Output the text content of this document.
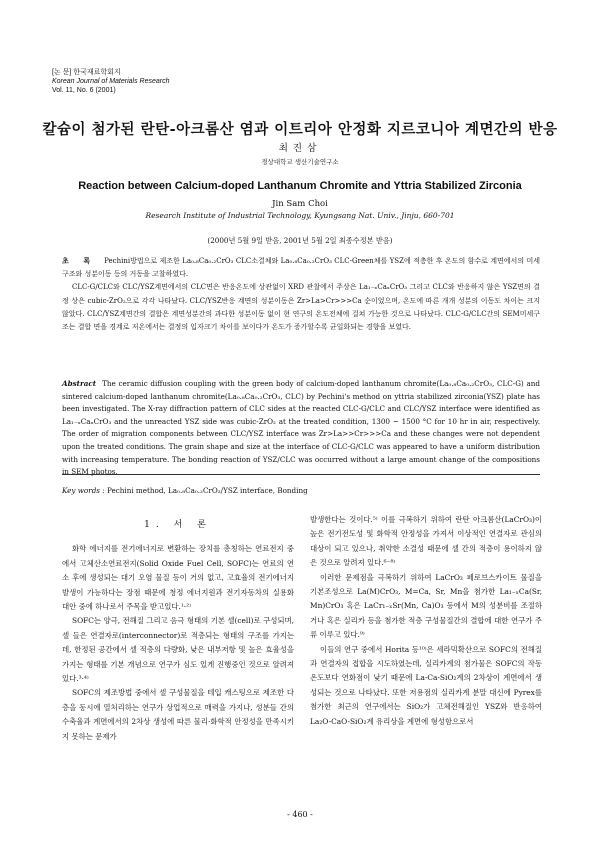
[논 문] 한국재료학회지
Korean Journal of Materials Research
Vol. 11, No. 6 (2001)
칼슘이 첨가된 란탄-아크롬산 염과 이트리아 안정화 지르코니아 계면간의 반응
최진삼
경상대학교 생산기술연구소
Reaction between Calcium-doped Lanthanum Chromite and Yttria Stabilized Zirconia
Jin Sam Choi
Research Institute of Industrial Technology, Kyungsang Nat. Univ., Jinju, 660-701
(2000년 5월 9일 받음, 2001년 5월 2일 최종수정본 받음)

초 록 Pechini방법으로 제조한 La₀.₈Ca₀.₂CrO₃ CLC소결체와 La₀.₈Ca₀.₂CrO₃ CLC-Green체를 YSZ에 적층한 후 온도의 함수로 계면에서의 미세구조와 성분이동 등의 거동을 고찰하였다.

CLC-G/CLC와 CLC/YSZ계면에서의 CLC면은 반응온도에 상관없이 XRD 관찰에서 주상은 La₁₋ₓCaₓCrO₃ 그리고 CLC와 반응하지 않은 YSZ면의 결정 상은 cubic-ZrO₂으로 각각 나타났다. CLC/YSZ반응 계면의 성분이동은 Zr>La>Cr>>>Ca 순이었으며, 온도에 따른 개개 성분의 이동도 차이는 크지 않았다. CLC/YSZ계면간의 결합은 계면성분간의 과다한 성분이동 없이 현 연구의 온도전체에 걸쳐 가능한 것으로 나타났다. CLC-G/CLC간의 SEM미세구조는 결합 면을 경계로 저온에서는 결정의 입자크기 차이를 보이다가 온도가 증가할수록 균일화되는 경향을 보였다.

Abstract The ceramic diffusion coupling with the green body of calcium-doped lanthanum chromite(La₀.₈Ca₀.₂CrO₃, CLC-G) and sintered calcium-doped lanthanum chromite(La₀.₈Ca₀.₂CrO₃, CLC) by Pechini's method on yttria stabilized zirconia(YSZ) plate has been investigated. The X-ray diffraction pattern of CLC sides at the reacted CLC-G/CLC and CLC/YSZ interface were identified as La₁₋ₓCaₓCrO₃ and the unreacted YSZ side was cubic-ZrO₂ at the treated condition, 1300 ~ 1500 °C for 10 hr in air, respectively. The order of migration components between CLC/YSZ interface was Zr>La>>Cr>>>Ca and these changes were not dependent upon the treated conditions. The grain shape and size at the interface of CLC-G/CLC was appeared to have a uniform distribution with increasing temperature. The bonding reaction of YSZ/CLC was occurred without a large amount change of the compositions in SEM photos.
Key words : Pechini method, La₀.₈Ca₀.₂CrO₃/YSZ interface, Bonding
1. 서 론

화학 에너지를 전기에너지로 변환하는 장치를 총칭하는 연료전지 중에서 고체산소연료전지(Solid Oxide Fuel Cell, SOFC)는 연료의 연소 후에 생성되는 대기 오염 물질 등이 거의 없고, 고효율의 전기에너지 발생이 가능하다는 장점 때문에 청정 에너지원과 전기자동차의 실용화 대안 중에 하나로서 주목을 받고있다.¹·²⁾

SOFC는 양극, 전해질 그리고 음극 형태의 기본 셀(cell)로 구성되며, 셀 들은 연결자로(interconnector)로 적층되는 형태의 구조를 가지는데, 한정된 공간에서 셀 적층의 다량화, 낮은 내부저항 및 높은 효율성을 가지는 형태를 기본 개념으로 연구가 심도 있게 진행중인 것으로 알려져 있다.³·⁴⁾

SOFC의 제조방법 중에서 셀 구성물질을 테입 캐스팅으로 제조한 다층을 동시에 열처리하는 연구가 상업적으로 매력을 가지나, 성분들 간의 수축율과 계면에서의 2차상 생성에 따른 물리·화학적 안정성을 만족시키지 못하는 문제가

발생한다는 것이다.⁵⁾ 이를 극복하기 위하여 란탄 아크롬산(LaCrO₃)이 높은 전기전도성 및 화학적 안정성을 가져서 이상적인 연결자로 관심의 대상이 되고 있으나, 취약한 소결성 때문에 셀 간의 적층이 용이하지 않은 것으로 알려져 있다.⁶⁻⁸⁾

이러한 문제점을 극복하기 위하여 LaCrO₃ 페로브스카이트 물질을 기본조성으로 La(M)CrO₃, M=Ca, Sr, Mn을 첨가한 La₁₋ₓCa(Sr, Mn)CrO₃ 혹은 LaCr₁₋ₓSr(Mn, Ca)O₃ 등에서 M의 성분비를 조절하거나 혹은 실리카 등을 첨가한 적층 구성물질간의 결합에 대한 연구가 주류 이루고 있다.⁹⁾

이들의 연구 중에서 Horita 등¹⁰⁾은 세라믹확산으로 SOFC의 전해질과 연결자의 접합을 시도하였는데, 실리카계의 첨가물은 SOFC의 작동온도보다 연화점이 낮기 때문에 La-Ca-SiO₂계의 2차상이 계면에서 생성되는 것으로 나타났다. 또한 저용점의 실리카계 분말 대신에 Pyrex를 첨가한 최근의 연구에서는 SiO₂가 고체전해질인 YSZ와 반응하여 La₂O-CaO-SiO₂계 유리상을 계면에 형성함으로서

- 460 -
